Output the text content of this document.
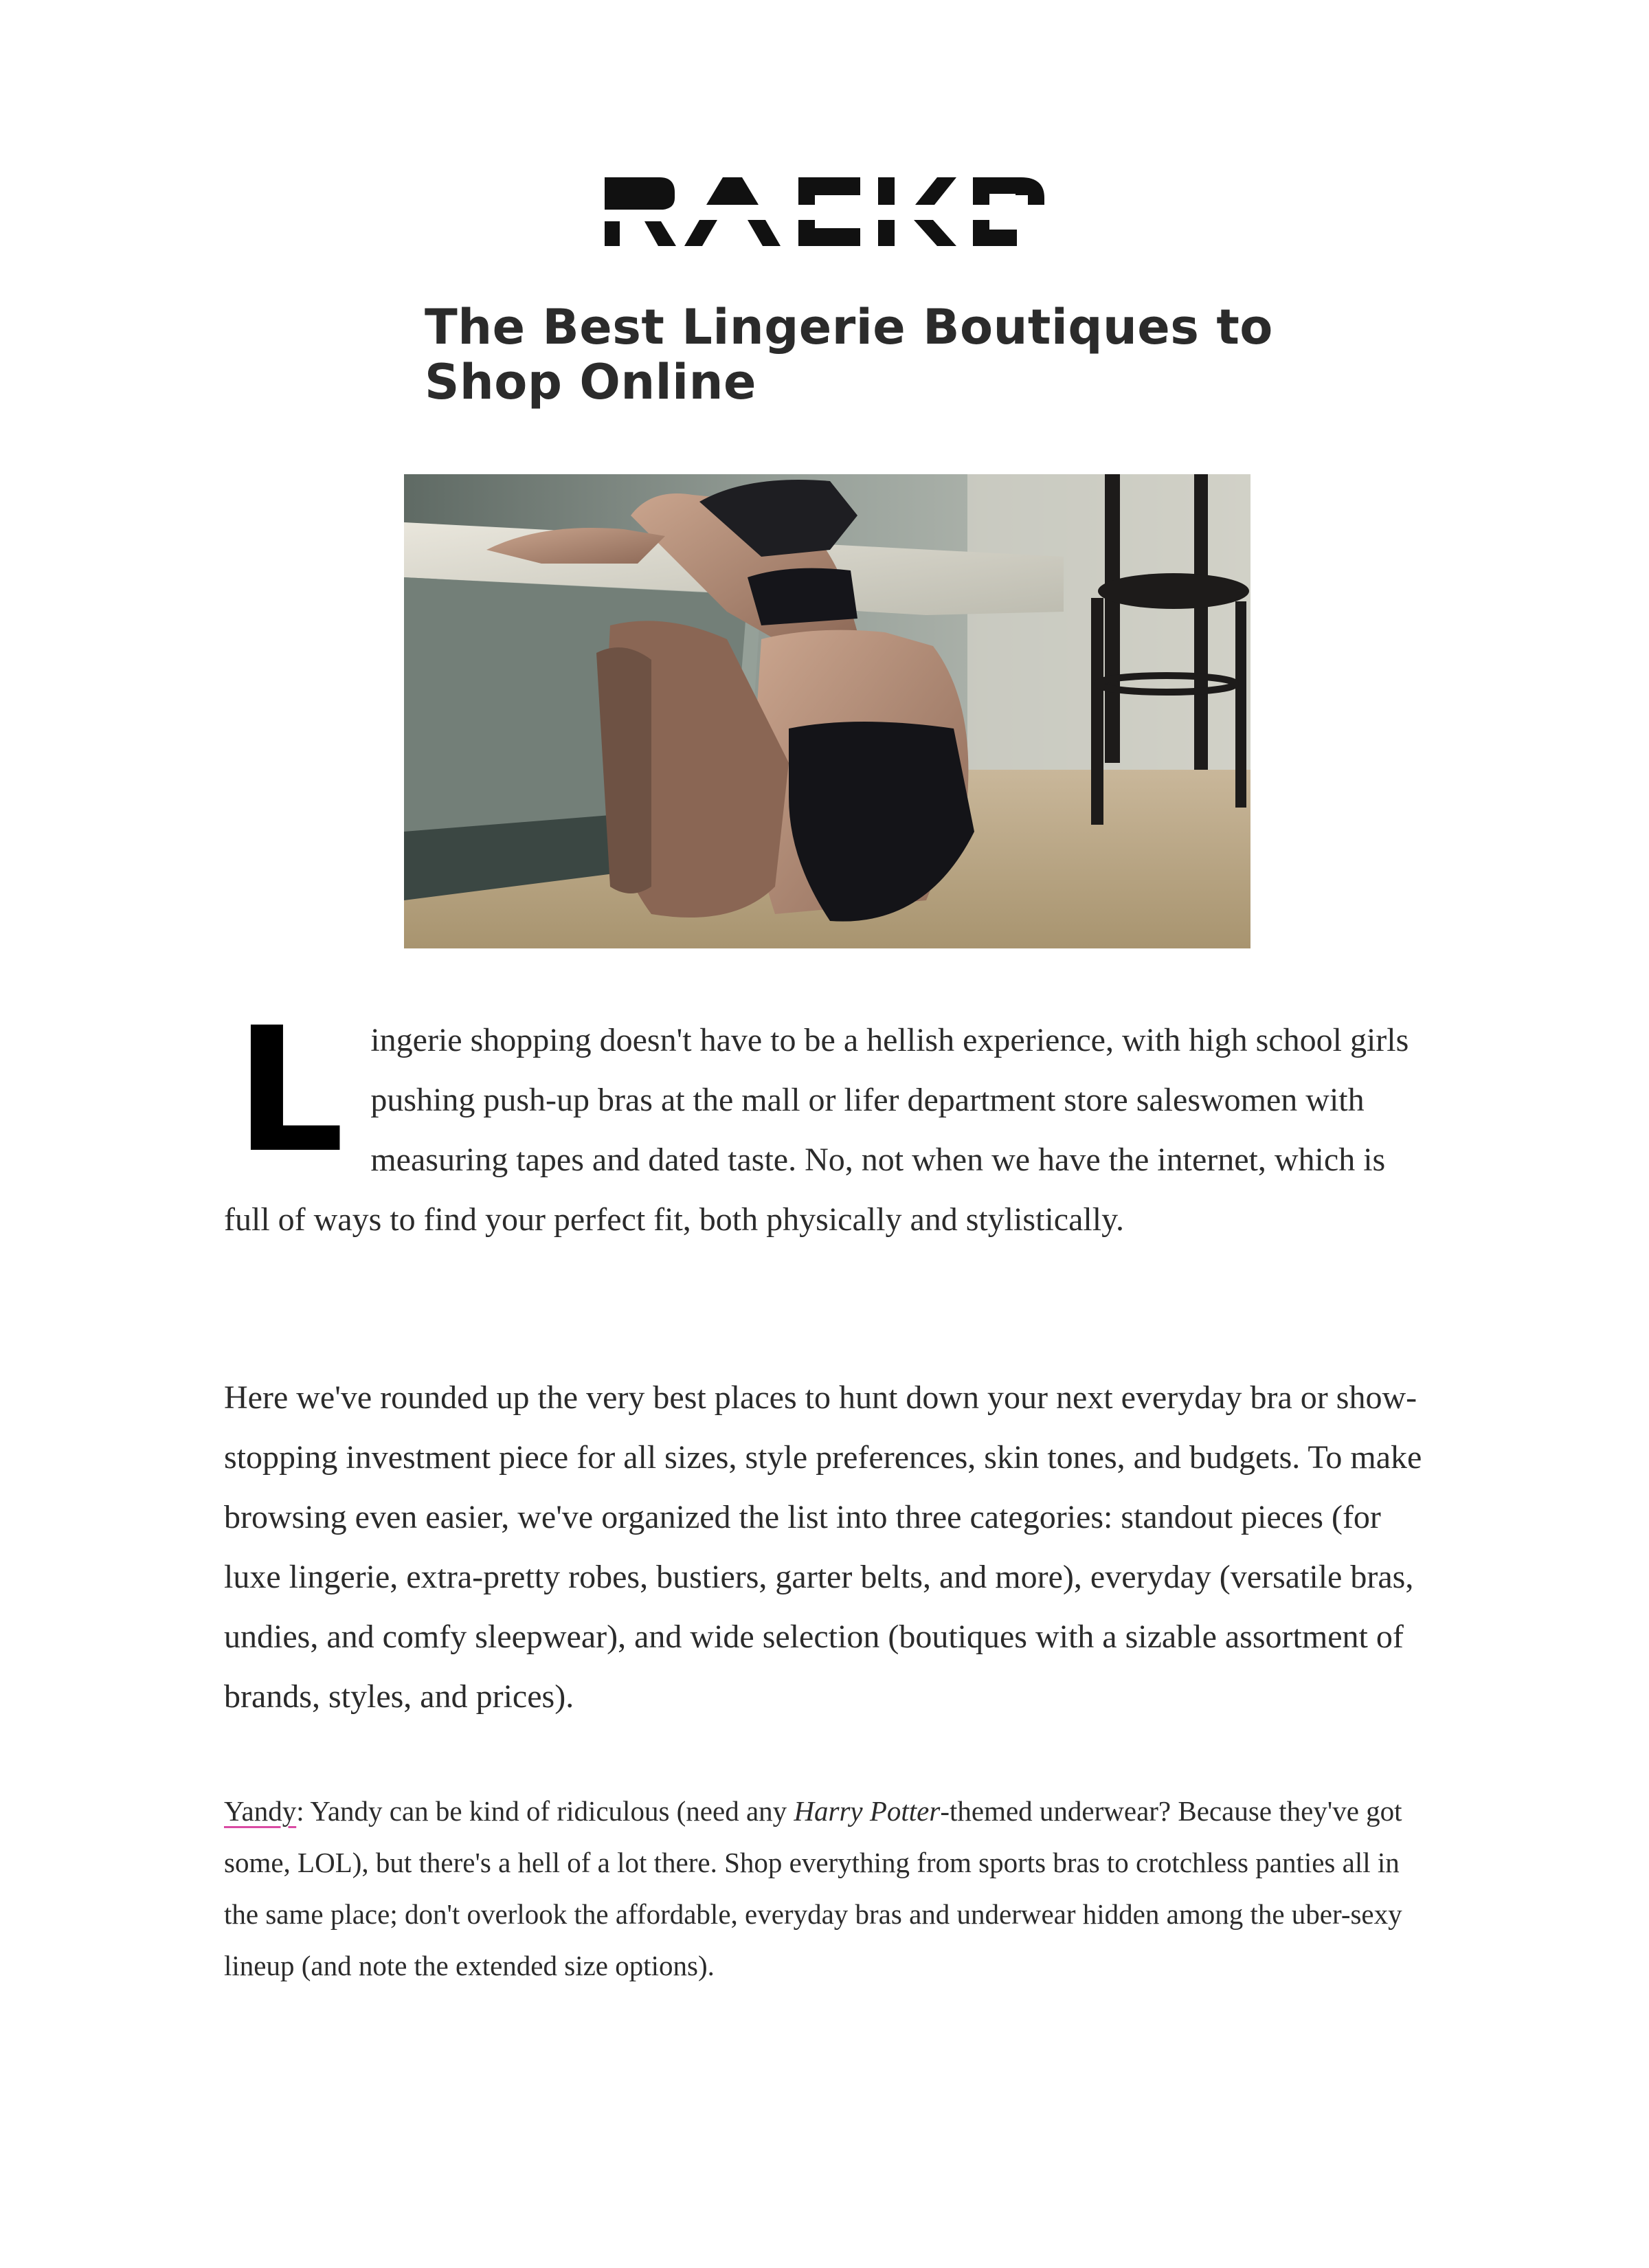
The Best Lingerie Boutiques to Shop Online

Lingerie shopping doesn't have to be a hellish experience, with high school girls pushing push-up bras at the mall or lifer department store saleswomen with measuring tapes and dated taste. No, not when we have the internet, which is full of ways to find your perfect fit, both physically and stylistically.

Here we've rounded up the very best places to hunt down your next everyday bra or show-stopping investment piece for all sizes, style preferences, skin tones, and budgets. To make browsing even easier, we've organized the list into three categories: standout pieces (for luxe lingerie, extra-pretty robes, bustiers, garter belts, and more), everyday (versatile bras, undies, and comfy sleepwear), and wide selection (boutiques with a sizable assortment of brands, styles, and prices).

Yandy: Yandy can be kind of ridiculous (need any Harry Potter-themed underwear? Because they've got some, LOL), but there's a hell of a lot there. Shop everything from sports bras to crotchless panties all in the same place; don't overlook the affordable, everyday bras and underwear hidden among the uber-sexy lineup (and note the extended size options).
